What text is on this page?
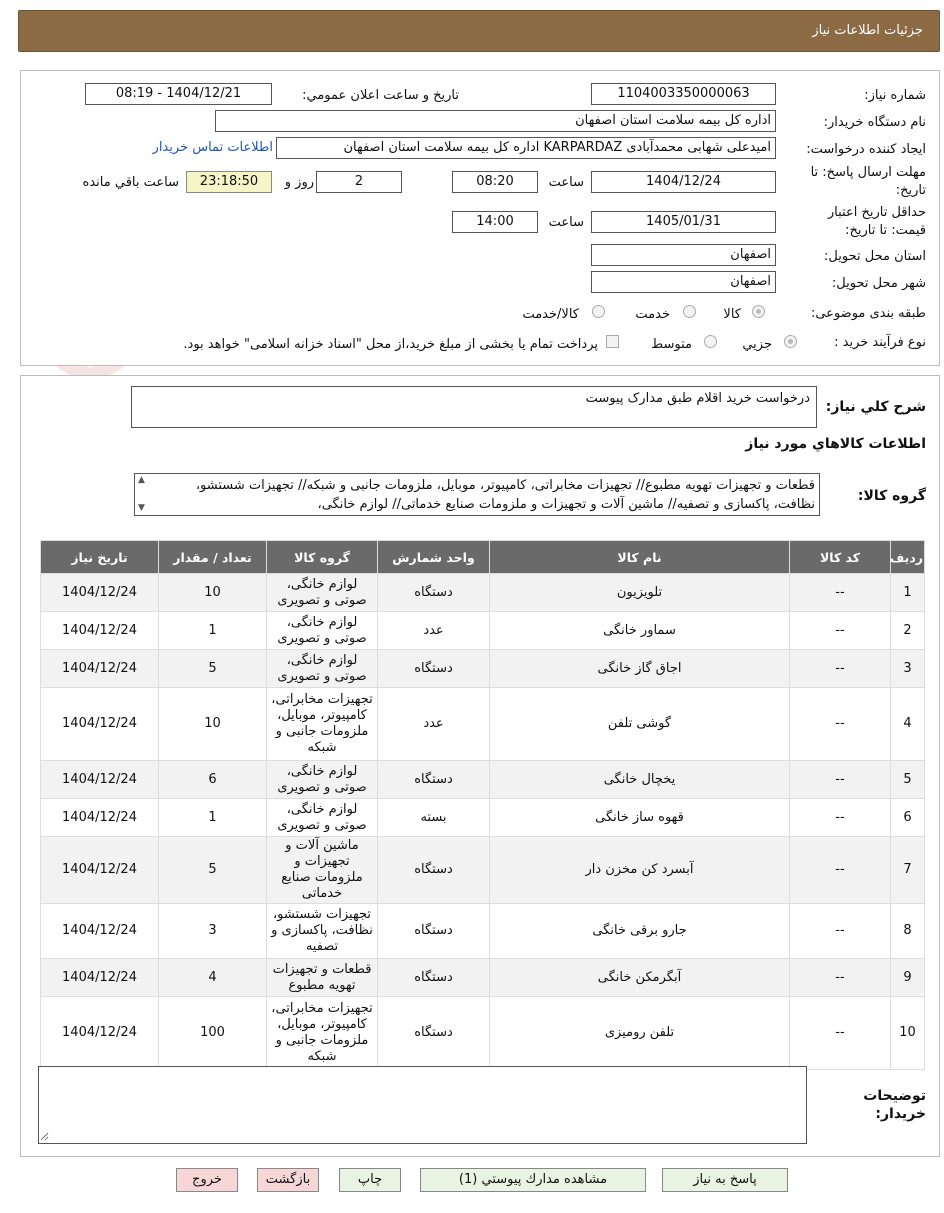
جزئیات اطلاعات نیاز
شماره نیاز:
1104003350000063
تاریخ و ساعت اعلان عمومي:
1404/12/21 - 08:19
نام دستگاه خریدار:
اداره کل بیمه سلامت استان اصفهان
ایجاد کننده درخواست:
امیدعلی شهابی محمدآبادی KARPARDAZ اداره کل بیمه سلامت استان اصفهان
اطلاعات تماس خریدار
مهلت ارسال پاسخ: تا
تاریخ:
1404/12/24
ساعت
08:20
2
روز و
23:18:50
ساعت باقي مانده
حداقل تاریخ اعتبار
قیمت: تا تاریخ:
1405/01/31
ساعت
14:00
استان محل تحویل:
اصفهان
شهر محل تحویل:
اصفهان
طبقه بندی موضوعی:
کالا
خدمت
کالا/خدمت
نوع فرآیند خرید :
جزيي
متوسط
پرداخت تمام یا بخشی از مبلغ خرید،از محل "اسناد خزانه اسلامی" خواهد بود.
شرح كلي نياز:
درخواست خرید اقلام طبق مدارک پیوست
اطلاعات كالاهاي مورد نياز
گروه کالا:
قطعات و تجهیزات تهویه مطبوع// تجهیزات مخابراتی، کامپیوتر، موبایل، ملزومات جانبی و شبکه// تجهیزات شستشو، نظافت، پاکسازی و تصفیه// ماشین آلات و تجهیزات و ملزومات صنایع خدماتی// لوازم خانگی،
▲
▼
ردیف	کد کالا	نام کالا	واحد شمارش	گروه کالا	تعداد / مقدار	تاریخ نیاز
1	--	تلویزیون	دستگاه	لوازم خانگی، صوتی و تصویری	10	1404/12/24
2	--	سماور خانگی	عدد	لوازم خانگی، صوتی و تصویری	1	1404/12/24
3	--	اجاق گاز خانگی	دستگاه	لوازم خانگی، صوتی و تصویری	5	1404/12/24
4	--	گوشی تلفن	عدد	تجهیزات مخابراتی، کامپیوتر، موبایل، ملزومات جانبی و شبکه	10	1404/12/24
5	--	یخچال خانگی	دستگاه	لوازم خانگی، صوتی و تصویری	6	1404/12/24
6	--	قهوه ساز خانگی	بسته	لوازم خانگی، صوتی و تصویری	1	1404/12/24
7	--	آبسرد کن مخزن دار	دستگاه	ماشین آلات و تجهیزات و ملزومات صنایع خدماتی	5	1404/12/24
8	--	جارو برقی خانگی	دستگاه	تجهیزات شستشو، نظافت، پاکسازی و تصفیه	3	1404/12/24
9	--	آبگرمکن خانگی	دستگاه	قطعات و تجهیزات تهویه مطبوع	4	1404/12/24
10	--	تلفن رومیزی	دستگاه	تجهیزات مخابراتی، کامپیوتر، موبایل، ملزومات جانبی و شبکه	100	1404/12/24
توضیحات
خریدار:
پاسخ به نیاز
مشاهده مدارك پيوستي (1)
چاپ
بازگشت
خروج
